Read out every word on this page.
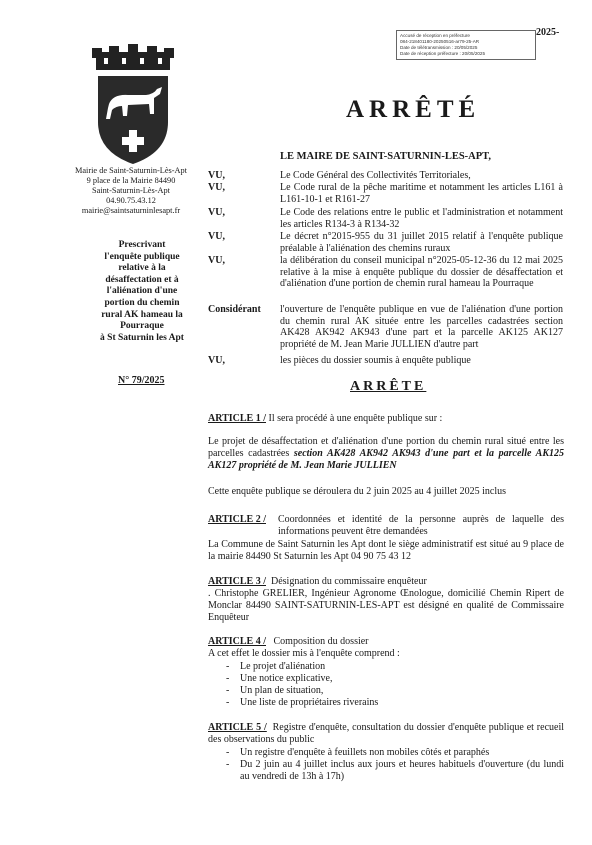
Accusé de réception en préfecture
084-218401180-20250516-ar79-25-AR
Date de télétransmission : 20/05/2025
Date de réception préfecture : 20/05/2025
2025-
Mairie de Saint-Saturnin-Lès-Apt
9 place de la Mairie 84490
Saint-Saturnin-Lès-Apt
04.90.75.43.12
mairie@saintsaturninlesapt.fr
Prescrivant
l'enquête publique
relative à la
désaffectation et à
l'aliénation d'une
portion du chemin
rural AK hameau la
Pourraque
à St Saturnin les Apt
N° 79/2025
ARRÊTÉ
LE MAIRE DE SAINT-SATURNIN-LES-APT,
VU,	Le Code Général des Collectivités Territoriales,
VU,	Le Code rural de la pêche maritime et notamment les articles L161 à L161-10-1 et R161-27
VU,	Le Code des relations entre le public et l'administration et notamment les articles R134-3 à R134-32
VU,	Le décret n°2015-955 du 31 juillet 2015 relatif à l'enquête publique préalable à l'aliénation des chemins ruraux
VU,	la délibération du conseil municipal n°2025-05-12-36 du 12 mai 2025 relative à la mise à enquête publique du dossier de désaffectation et d'aliénation d'une portion de chemin rural hameau la Pourraque
Considérant l'ouverture de l'enquête publique en vue de l'aliénation d'une portion du chemin rural AK située entre les parcelles cadastrées section AK428 AK942 AK943 d'une part et la parcelle AK125 AK127 propriété de M. Jean Marie JULLIEN d'autre part
VU,	les pièces du dossier soumis à enquête publique
ARRÊTE
ARTICLE 1 / Il sera procédé à une enquête publique sur :
Le projet de désaffectation et d'aliénation d'une portion du chemin rural situé entre les parcelles cadastrées section AK428 AK942 AK943 d'une part et la parcelle AK125 AK127 propriété de M. Jean Marie JULLIEN
Cette enquête publique se déroulera du 2 juin 2025 au 4 juillet 2025 inclus
ARTICLE 2 / Coordonnées et identité de la personne auprès de laquelle des informations peuvent être demandées
La Commune de Saint Saturnin les Apt dont le siège administratif est situé au 9 place de la mairie 84490 St Saturnin les Apt 04 90 75 43 12
ARTICLE 3 / Désignation du commissaire enquêteur
. Christophe GRELIER, Ingénieur Agronome Œnologue, domicilié Chemin Ripert de Monclar 84490 SAINT-SATURNIN-LES-APT est désigné en qualité de Commissaire Enquêteur
ARTICLE 4 / Composition du dossier
A cet effet le dossier mis à l'enquête comprend :
- Le projet d'aliénation
- Une notice explicative,
- Un plan de situation,
- Une liste de propriétaires riverains
ARTICLE 5 / Registre d'enquête, consultation du dossier d'enquête publique et recueil des observations du public
- Un registre d'enquête à feuillets non mobiles côtés et paraphés
- Du 2 juin au 4 juillet inclus aux jours et heures habituels d'ouverture (du lundi au vendredi de 13h à 17h)
